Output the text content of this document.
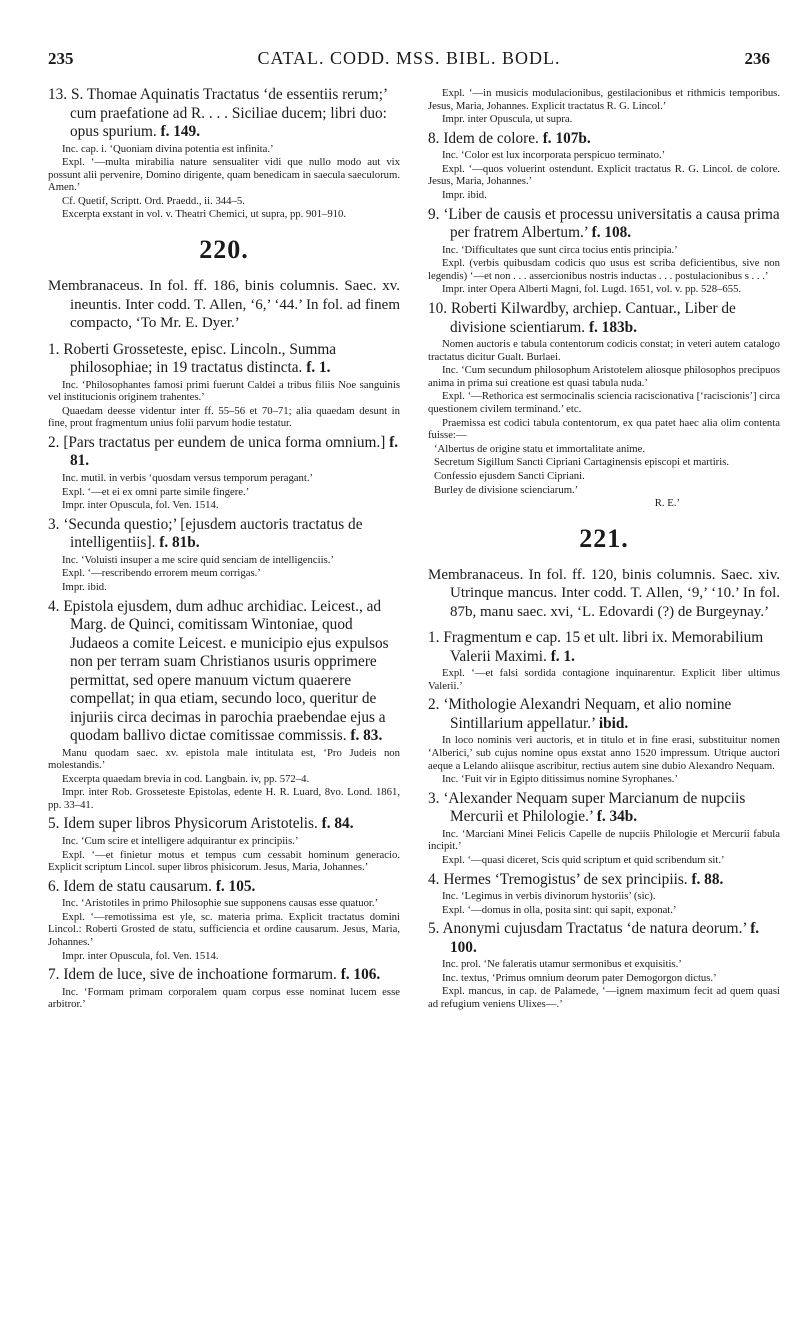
235	CATAL. CODD. MSS. BIBL. BODL.	236
13. S. Thomae Aquinatis Tractatus ‘de essentiis rerum;’ cum praefatione ad R. . . . Siciliae ducem; libri duo: opus spurium. f. 149.

Inc. cap. i. ‘Quoniam divina potentia est infinita.’

Expl. ‘—multa mirabilia nature sensualiter vidi que nullo modo aut vix possunt alii pervenire, Domino dirigente, quam benedicam in saecula saeculorum. Amen.’

Cf. Quetif, Scriptt. Ord. Praedd., ii. 344–5.

Excerpta exstant in vol. v. Theatri Chemici, ut supra, pp. 901–910.

220.
Membranaceus. In fol. ff. 186, binis columnis. Saec. xv. ineuntis. Inter codd. T. Allen, ‘6,’ ‘44.’ In fol. ad finem compacto, ‘To Mr. E. Dyer.’
1. Roberti Grosseteste, episc. Lincoln., Summa philosophiae; in 19 tractatus distincta. f. 1.

Inc. ‘Philosophantes famosi primi fuerunt Caldei a tribus filiis Noe sanguinis vel institucionis originem trahentes.’

Quaedam deesse videntur inter ff. 55–56 et 70–71; alia quaedam desunt in fine, prout fragmentum unius folii parvum hodie testatur.

2. [Pars tractatus per eundem de unica forma omnium.] f. 81.

Inc. mutil. in verbis ‘quosdam versus temporum peragant.’

Expl. ‘—et ei ex omni parte simile fingere.’

Impr. inter Opuscula, fol. Ven. 1514.

3. ‘Secunda questio;’ [ejusdem auctoris tractatus de intelligentiis]. f. 81b.

Inc. ‘Voluisti insuper a me scire quid senciam de intelligenciis.’

Expl. ‘—rescribendo errorem meum corrigas.’

Impr. ibid.

4. Epistola ejusdem, dum adhuc archidiac. Leicest., ad Marg. de Quinci, comitissam Wintoniae, quod Judaeos a comite Leicest. e municipio ejus expulsos non per terram suam Christianos usuris opprimere permittat, sed opere manuum victum quaerere compellat; in qua etiam, secundo loco, queritur de injuriis circa decimas in parochia praebendae ejus a quodam ballivo dictae comitissae commissis. f. 83.

Manu quodam saec. xv. epistola male intitulata est, ‘Pro Judeis non molestandis.’

Excerpta quaedam brevia in cod. Langbain. iv, pp. 572–4.

Impr. inter Rob. Grosseteste Epistolas, edente H. R. Luard, 8vo. Lond. 1861, pp. 33–41.

5. Idem super libros Physicorum Aristotelis. f. 84.

Inc. ‘Cum scire et intelligere adquirantur ex principiis.’

Expl. ‘—et finietur motus et tempus cum cessabit hominum generacio. Explicit scriptum Lincol. super libros phisicorum. Jesus, Maria, Johannes.’

6. Idem de statu causarum. f. 105.

Inc. ‘Aristotiles in primo Philosophie sue supponens causas esse quatuor.’

Expl. ‘—remotissima est yle, sc. materia prima. Explicit tractatus domini Lincol.: Roberti Grosted de statu, sufficiencia et ordine causarum. Jesus, Maria, Johannes.’

Impr. inter Opuscula, fol. Ven. 1514.

7. Idem de luce, sive de inchoatione formarum. f. 106.

Inc. ‘Formam primam corporalem quam corpus esse nominat lucem esse arbitror.’

Expl. ‘—in musicis modulacionibus, gestilacionibus et rithmicis temporibus. Jesus, Maria, Johannes. Explicit tractatus R. G. Lincol.’

Impr. inter Opuscula, ut supra.

8. Idem de colore. f. 107b.

Inc. ‘Color est lux incorporata perspicuo terminato.’

Expl. ‘—quos voluerint ostendunt. Explicit tractatus R. G. Lincol. de colore. Jesus, Maria, Johannes.’

Impr. ibid.

9. ‘Liber de causis et processu universitatis a causa prima per fratrem Albertum.’ f. 108.

Inc. ‘Difficultates que sunt circa tocius entis principia.’

Expl. (verbis quibusdam codicis quo usus est scriba deficientibus, sive non legendis) ‘—et non . . . assercionibus nostris inductas . . . postulacionibus s . . .’

Impr. inter Opera Alberti Magni, fol. Lugd. 1651, vol. v. pp. 528–655.

10. Roberti Kilwardby, archiep. Cantuar., Liber de divisione scientiarum. f. 183b.

Nomen auctoris e tabula contentorum codicis constat; in veteri autem catalogo tractatus dicitur Gualt. Burlaei.

Inc. ‘Cum secundum philosophum Aristotelem aliosque philosophos precipuos anima in prima sui creatione est quasi tabula nuda.’

Expl. ‘—Rethorica est sermocinalis sciencia raciscionativa [‘raciscionis’] circa questionem civilem terminand.’ etc.

Praemissa est codici tabula contentorum, ex qua patet haec alia olim contenta fuisse:—

‘Albertus de origine statu et immortalitate anime.

Secretum Sigillum Sancti Cipriani Cartaginensis episcopi et martiris.

Confessio ejusdem Sancti Cipriani.

Burley de divisione scienciarum.’

R. E.’

221.
Membranaceus. In fol. ff. 120, binis columnis. Saec. xiv. Utrinque mancus. Inter codd. T. Allen, ‘9,’ ‘10.’ In fol. 87b, manu saec. xvi, ‘L. Edovardi (?) de Burgeynay.’
1. Fragmentum e cap. 15 et ult. libri ix. Memorabilium Valerii Maximi. f. 1.

Expl. ‘—et falsi sordida contagione inquinarentur. Explicit liber ultimus Valerii.’

2. ‘Mithologie Alexandri Nequam, et alio nomine Sintillarium appellatur.’ ibid.

In loco nominis veri auctoris, et in titulo et in fine erasi, substituitur nomen ‘Alberici,’ sub cujus nomine opus exstat anno 1520 impressum. Utrique auctori aeque a Lelando aliisque ascribitur, rectius autem sine dubio Alexandro Nequam.

Inc. ‘Fuit vir in Egipto ditissimus nomine Syrophanes.’

3. ‘Alexander Nequam super Marcianum de nupciis Mercurii et Philologie.’ f. 34b.

Inc. ‘Marciani Minei Felicis Capelle de nupciis Philologie et Mercurii fabula incipit.’

Expl. ‘—quasi diceret, Scis quid scriptum et quid scribendum sit.’

4. Hermes ‘Tremogistus’ de sex principiis. f. 88.

Inc. ‘Legimus in verbis divinorum hystoriis’ (sic).

Expl. ‘—domus in olla, posita sint: qui sapit, exponat.’

5. Anonymi cujusdam Tractatus ‘de natura deorum.’ f. 100.

Inc. prol. ‘Ne faleratis utamur sermonibus et exquisitis.’

Inc. textus, ‘Primus omnium deorum pater Demogorgon dictus.’

Expl. mancus, in cap. de Palamede, ‘—ignem maximum fecit ad quem quasi ad refugium veniens Ulixes—.’
